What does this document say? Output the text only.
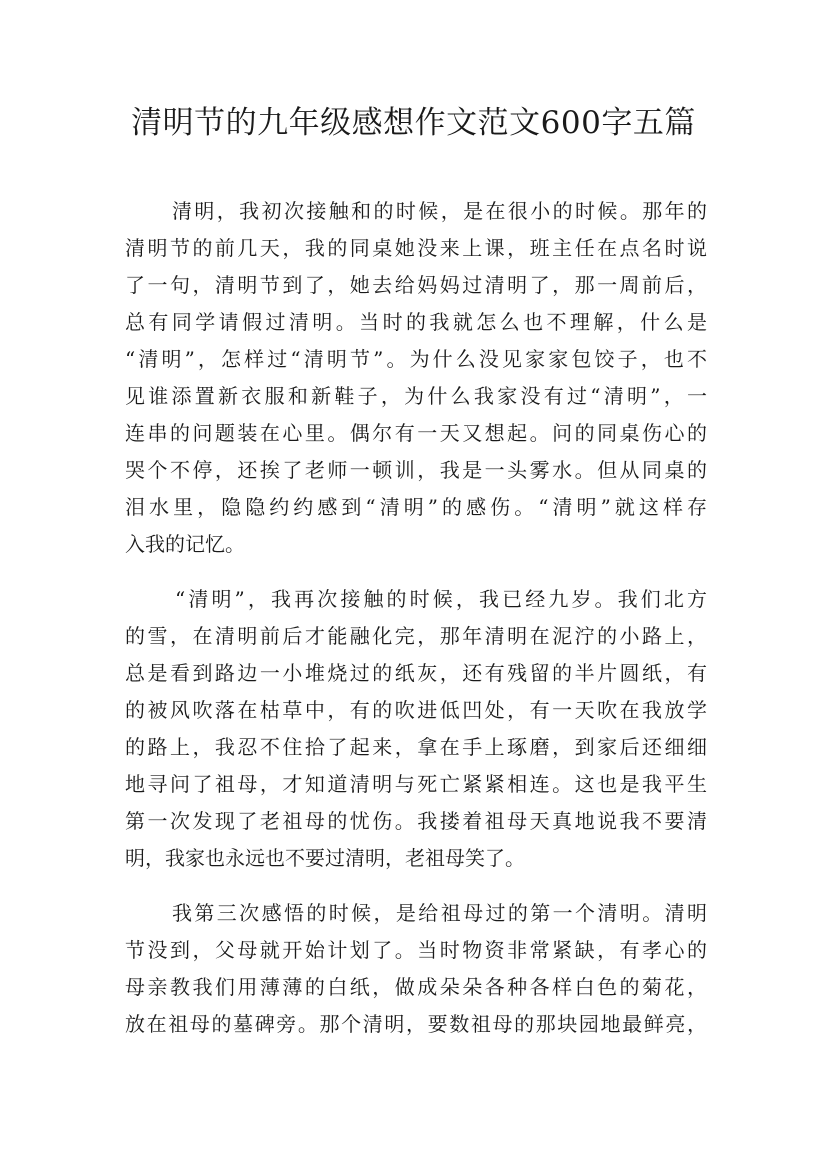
清明节的九年级感想作文范文600字五篇

清明，我初次接触和的时候，是在很小的时候。那年的

清明节的前几天，我的同桌她没来上课，班主任在点名时说

了一句，清明节到了，她去给妈妈过清明了，那一周前后，

总有同学请假过清明。当时的我就怎么也不理解，什么是

“清明”，怎样过“清明节”。为什么没见家家包饺子，也不

见谁添置新衣服和新鞋子，为什么我家没有过“清明”，一

连串的问题装在心里。偶尔有一天又想起。问的同桌伤心的

哭个不停，还挨了老师一顿训，我是一头雾水。但从同桌的

泪水里，隐隐约约感到“清明”的感伤。“清明”就这样存

入我的记忆。

“清明”，我再次接触的时候，我已经九岁。我们北方

的雪，在清明前后才能融化完，那年清明在泥泞的小路上，

总是看到路边一小堆烧过的纸灰，还有残留的半片圆纸，有

的被风吹落在枯草中，有的吹进低凹处，有一天吹在我放学

的路上，我忍不住拾了起来，拿在手上琢磨，到家后还细细

地寻问了祖母，才知道清明与死亡紧紧相连。这也是我平生

第一次发现了老祖母的忧伤。我搂着祖母天真地说我不要清

明，我家也永远也不要过清明，老祖母笑了。

我第三次感悟的时候，是给祖母过的第一个清明。清明

节没到，父母就开始计划了。当时物资非常紧缺，有孝心的

母亲教我们用薄薄的白纸，做成朵朵各种各样白色的菊花，

放在祖母的墓碑旁。那个清明，要数祖母的那块园地最鲜亮，
